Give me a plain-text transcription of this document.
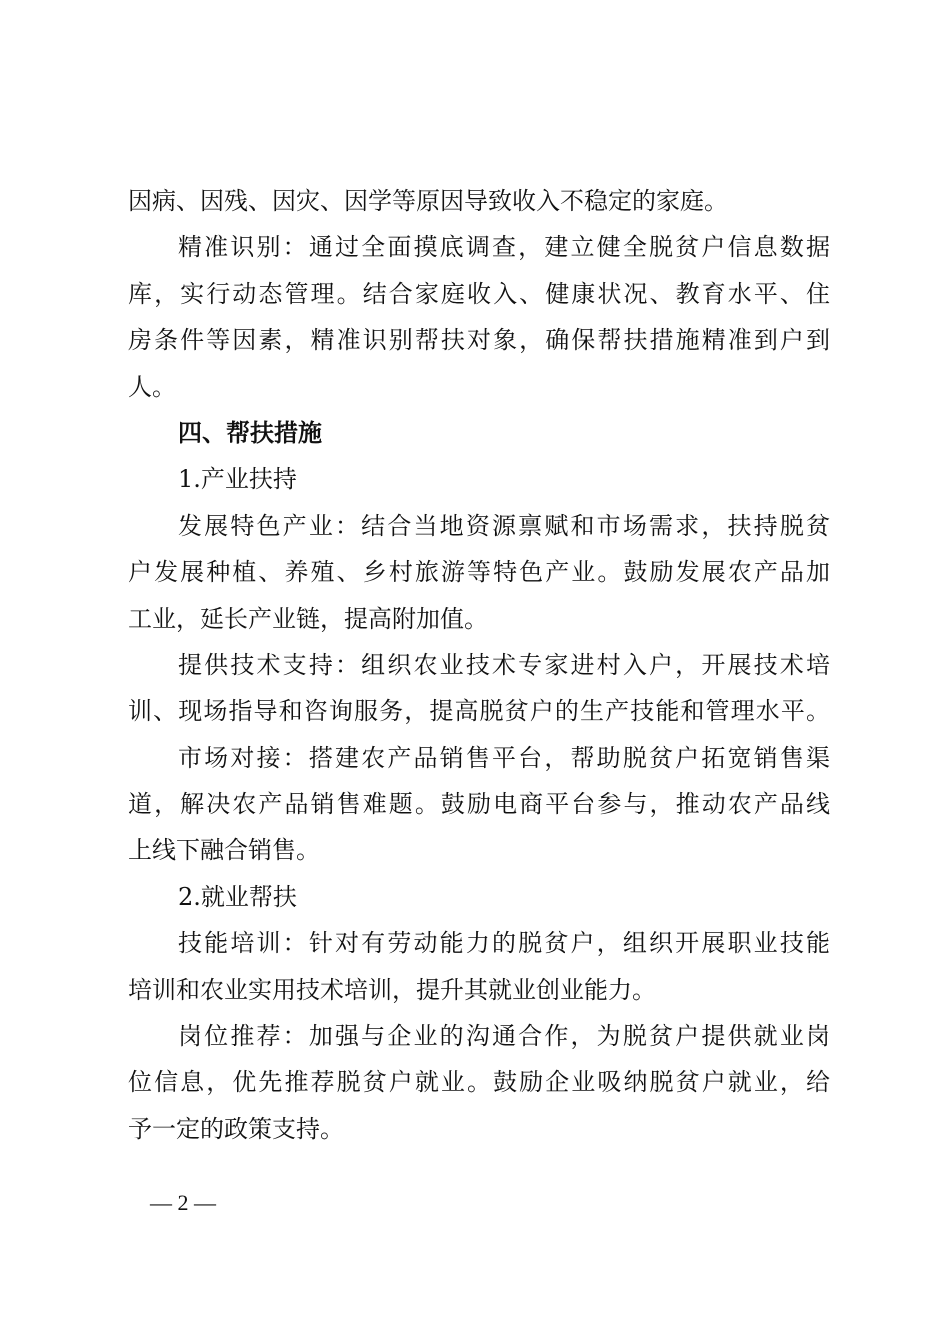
因病、因残、因灾、因学等原因导致收入不稳定的家庭。

精准识别：通过全面摸底调查，建立健全脱贫户信息数据

库，实行动态管理。结合家庭收入、健康状况、教育水平、住

房条件等因素，精准识别帮扶对象，确保帮扶措施精准到户到

人。

四、帮扶措施

1.产业扶持

发展特色产业：结合当地资源禀赋和市场需求，扶持脱贫

户发展种植、养殖、乡村旅游等特色产业。鼓励发展农产品加

工业，延长产业链，提高附加值。

提供技术支持：组织农业技术专家进村入户，开展技术培

训、现场指导和咨询服务，提高脱贫户的生产技能和管理水平。

市场对接：搭建农产品销售平台，帮助脱贫户拓宽销售渠

道，解决农产品销售难题。鼓励电商平台参与，推动农产品线

上线下融合销售。

2.就业帮扶

技能培训：针对有劳动能力的脱贫户，组织开展职业技能

培训和农业实用技术培训，提升其就业创业能力。

岗位推荐：加强与企业的沟通合作，为脱贫户提供就业岗

位信息，优先推荐脱贫户就业。鼓励企业吸纳脱贫户就业，给

予一定的政策支持。

— 2 —
